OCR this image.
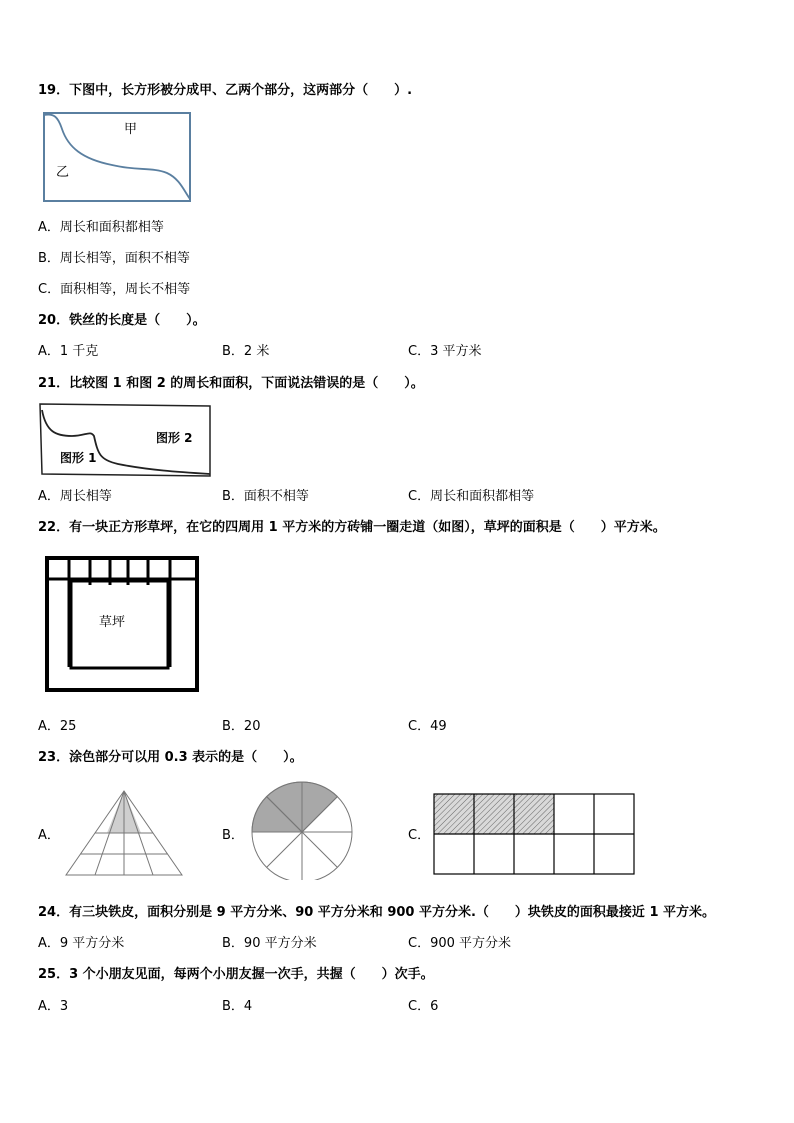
19．下图中，长方形被分成甲、乙两个部分，这两部分（　　）.
甲
乙
A．周长和面积都相等
B．周长相等，面积不相等
C．面积相等，周长不相等
20．铁丝的长度是（　　）。
A．1 千克	B．2 米	C．3 平方米
21．比较图 1 和图 2 的周长和面积，下面说法错误的是（　　）。
图形 2
图形 1
A．周长相等	B．面积不相等	C．周长和面积都相等
22．有一块正方形草坪，在它的四周用 1 平方米的方砖铺一圈走道（如图），草坪的面积是（　　）平方米。
草坪
A．25	B．20	C．49
23．涂色部分可以用 0.3 表示的是（　　）。
A．	B．	C．
24．有三块铁皮，面积分别是 9 平方分米、90 平方分米和 900 平方分米.（　　）块铁皮的面积最接近 1 平方米。
A．9 平方分米	B．90 平方分米	C．900 平方分米
25．3 个小朋友见面，每两个小朋友握一次手，共握（　　）次手。
A．3	B．4	C．6
